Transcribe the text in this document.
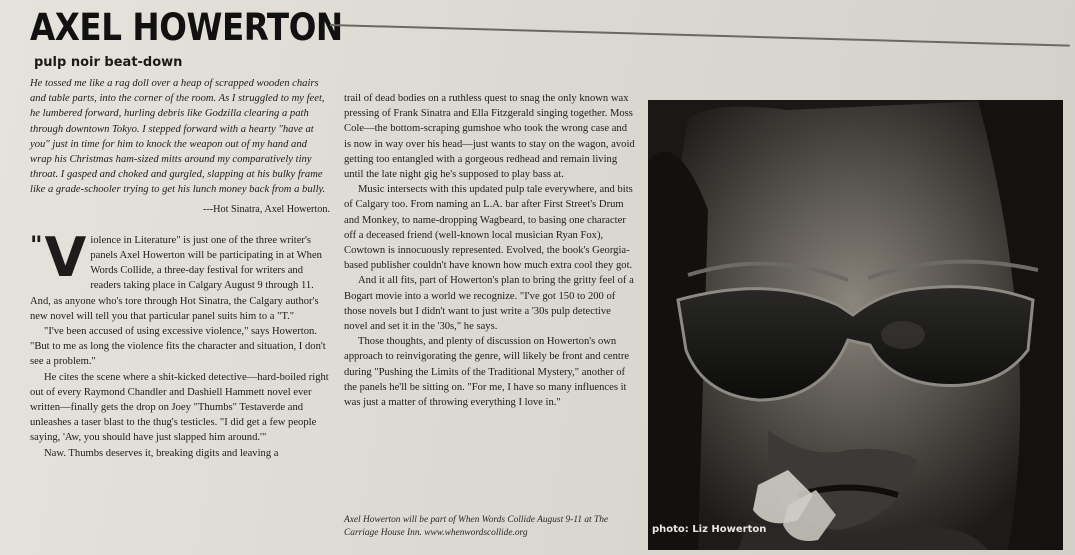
AXEL HOWERTON
pulp noir beat-down

He tossed me like a rag doll over a heap of scrapped wooden chairs and table parts, into the corner of the room. As I struggled to my feet, he lumbered forward, hurling debris like Godzilla clearing a path through downtown Tokyo. I stepped forward with a hearty "have at you" just in time for him to knock the weapon out of my hand and wrap his Christmas ham-sized mitts around my comparatively tiny throat. I gasped and choked and gurgled, slapping at his bulky frame like a grade-schooler trying to get his lunch money back from a bully.

---Hot Sinatra, Axel Howerton.

" V iolence in Literature" is just one of the three writer's panels Axel Howerton will be participating in at When Words Collide, a three-day festival for writers and readers taking place in Calgary August 9 through 11. And, as anyone who's tore through Hot Sinatra, the Calgary author's new novel will tell you that particular panel suits him to a "T."

"I've been accused of using excessive violence," says Howerton. "But to me as long the violence fits the character and situation, I don't see a problem."

He cites the scene where a shit-kicked detective—hard-boiled right out of every Raymond Chandler and Dashiell Hammett novel ever written—finally gets the drop on Joey "Thumbs" Testaverde and unleashes a taser blast to the thug's testicles. "I did get a few people saying, 'Aw, you should have just slapped him around.'"

Naw. Thumbs deserves it, breaking digits and leaving a

trail of dead bodies on a ruthless quest to snag the only known wax pressing of Frank Sinatra and Ella Fitzgerald singing together. Moss Cole—the bottom-scraping gumshoe who took the wrong case and is now in way over his head—just wants to stay on the wagon, avoid getting too entangled with a gorgeous redhead and remain living until the late night gig he's supposed to play bass at.

Music intersects with this updated pulp tale everywhere, and bits of Calgary too. From naming an L.A. bar after First Street's Drum and Monkey, to name-dropping Wagbeard, to basing one character off a deceased friend (well-known local musician Ryan Fox), Cowtown is innocuously represented. Evolved, the book's Georgia-based publisher couldn't have known how much extra cool they got.

And it all fits, part of Howerton's plan to bring the gritty feel of a Bogart movie into a world we recognize. "I've got 150 to 200 of those novels but I didn't want to just write a '30s pulp detective novel and set it in the '30s," he says.

Those thoughts, and plenty of discussion on Howerton's own approach to reinvigorating the genre, will likely be front and centre during "Pushing the Limits of the Traditional Mystery," another of the panels he'll be sitting on. "For me, I have so many influences it was just a matter of throwing everything I love in."

Axel Howerton will be part of When Words Collide August 9-11 at The Carriage House Inn. www.whenwordscollide.org	photo: Liz Howerton
